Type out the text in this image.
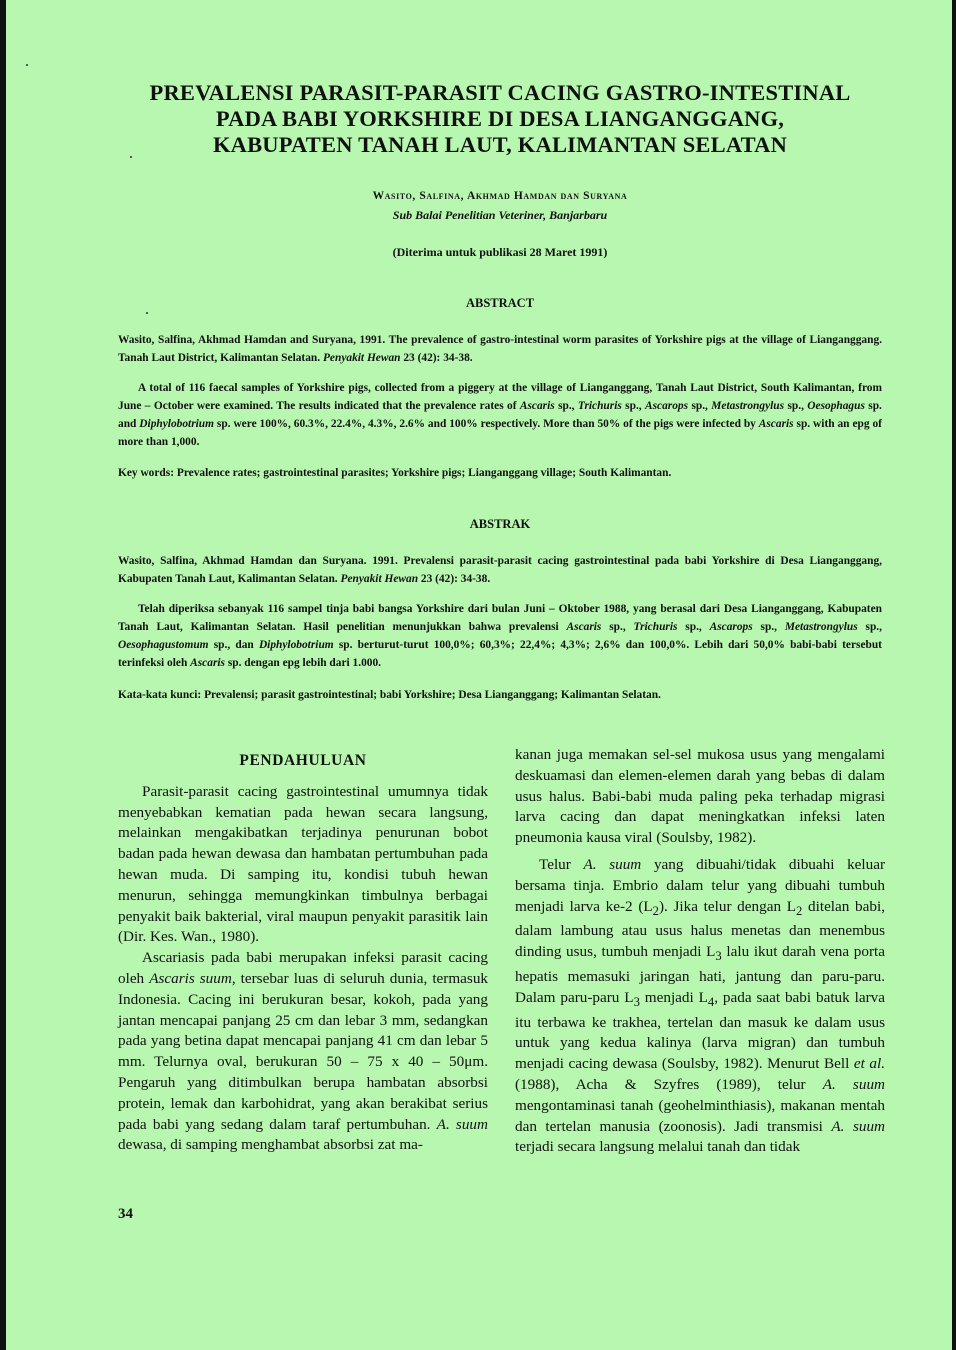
PREVALENSI PARASIT-PARASIT CACING GASTRO-INTESTINAL
PADA BABI YORKSHIRE DI DESA LIANGANGGANG,
KABUPATEN TANAH LAUT, KALIMANTAN SELATAN
Wasito, Salfina, Akhmad Hamdan dan Suryana
Sub Balai Penelitian Veteriner, Banjarbaru
(Diterima untuk publikasi 28 Maret 1991)
ABSTRACT

Wasito, Salfina, Akhmad Hamdan and Suryana, 1991. The prevalence of gastro-intestinal worm parasites of Yorkshire pigs at the village of Lianganggang. Tanah Laut District, Kalimantan Selatan. Penyakit Hewan 23 (42): 34-38.

A total of 116 faecal samples of Yorkshire pigs, collected from a piggery at the village of Lianganggang, Tanah Laut District, South Kalimantan, from June – October were examined. The results indicated that the prevalence rates of Ascaris sp., Trichuris sp., Ascarops sp., Metastrongylus sp., Oesophagus sp. and Diphylobotrium sp. were 100%, 60.3%, 22.4%, 4.3%, 2.6% and 100% respectively. More than 50% of the pigs were infected by Ascaris sp. with an epg of more than 1,000.

Key words: Prevalence rates; gastrointestinal parasites; Yorkshire pigs; Lianganggang village; South Kalimantan.
ABSTRAK

Wasito, Salfina, Akhmad Hamdan dan Suryana. 1991. Prevalensi parasit-parasit cacing gastrointestinal pada babi Yorkshire di Desa Lianganggang, Kabupaten Tanah Laut, Kalimantan Selatan. Penyakit Hewan 23 (42): 34-38.

Telah diperiksa sebanyak 116 sampel tinja babi bangsa Yorkshire dari bulan Juni – Oktober 1988, yang berasal dari Desa Lianganggang, Kabupaten Tanah Laut, Kalimantan Selatan. Hasil penelitian menunjukkan bahwa prevalensi Ascaris sp., Trichuris sp., Ascarops sp., Metastrongylus sp., Oesophagustomum sp., dan Diphylobotrium sp. berturut-turut 100,0%; 60,3%; 22,4%; 4,3%; 2,6% dan 100,0%. Lebih dari 50,0% babi-babi tersebut terinfeksi oleh Ascaris sp. dengan epg lebih dari 1.000.

Kata-kata kunci: Prevalensi; parasit gastrointestinal; babi Yorkshire; Desa Lianganggang; Kalimantan Selatan.
PENDAHULUAN

Parasit-parasit cacing gastrointestinal umumnya tidak menyebabkan kematian pada hewan secara langsung, melainkan mengakibatkan terjadinya penurunan bobot badan pada hewan dewasa dan hambatan pertumbuhan pada hewan muda. Di samping itu, kondisi tubuh hewan menurun, sehingga memungkinkan timbulnya berbagai penyakit baik bakterial, viral maupun penyakit parasitik lain (Dir. Kes. Wan., 1980).

Ascariasis pada babi merupakan infeksi parasit cacing oleh Ascaris suum, tersebar luas di seluruh dunia, termasuk Indonesia. Cacing ini berukuran besar, kokoh, pada yang jantan mencapai panjang 25 cm dan lebar 3 mm, sedangkan pada yang betina dapat mencapai panjang 41 cm dan lebar 5 mm. Telurnya oval, berukuran 50 – 75 x 40 – 50μm. Pengaruh yang ditimbulkan berupa hambatan absorbsi protein, lemak dan karbohidrat, yang akan berakibat serius pada babi yang sedang dalam taraf pertumbuhan. A. suum dewasa, di samping menghambat absorbsi zat ma-

kanan juga memakan sel-sel mukosa usus yang mengalami deskuamasi dan elemen-elemen darah yang bebas di dalam usus halus. Babi-babi muda paling peka terhadap migrasi larva cacing dan dapat meningkatkan infeksi laten pneumonia kausa viral (Soulsby, 1982).

Telur A. suum yang dibuahi/tidak dibuahi keluar bersama tinja. Embrio dalam telur yang dibuahi tumbuh menjadi larva ke-2 $(L_2)$. Jika telur dengan $L_2$ ditelan babi, dalam lambung atau usus halus menetas dan menembus dinding usus, tumbuh menjadi $L_3$ lalu ikut darah vena porta hepatis memasuki jaringan hati, jantung dan paru-paru. Dalam paru-paru $L_3$ menjadi $L_4$, pada saat babi batuk larva itu terbawa ke trakhea, tertelan dan masuk ke dalam usus untuk yang kedua kalinya (larva migran) dan tumbuh menjadi cacing dewasa (Soulsby, 1982). Menurut Bell et al. (1988), Acha & Szyfres (1989), telur A. suum mengontaminasi tanah (geohelminthiasis), makanan mentah dan tertelan manusia (zoonosis). Jadi transmisi A. suum terjadi secara langsung melalui tanah dan tidak

34
